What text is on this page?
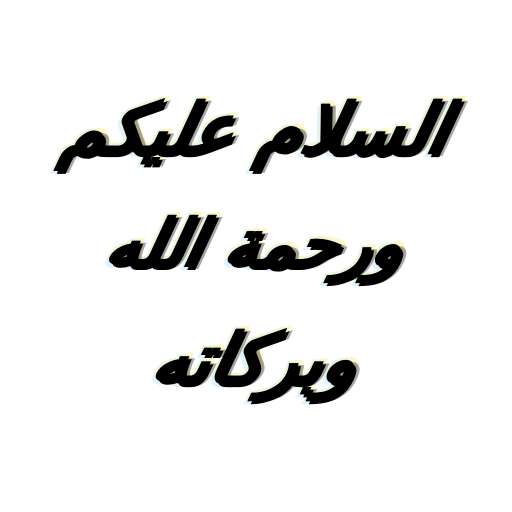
السلام عليكم
ورحمة الله
وبركاته
